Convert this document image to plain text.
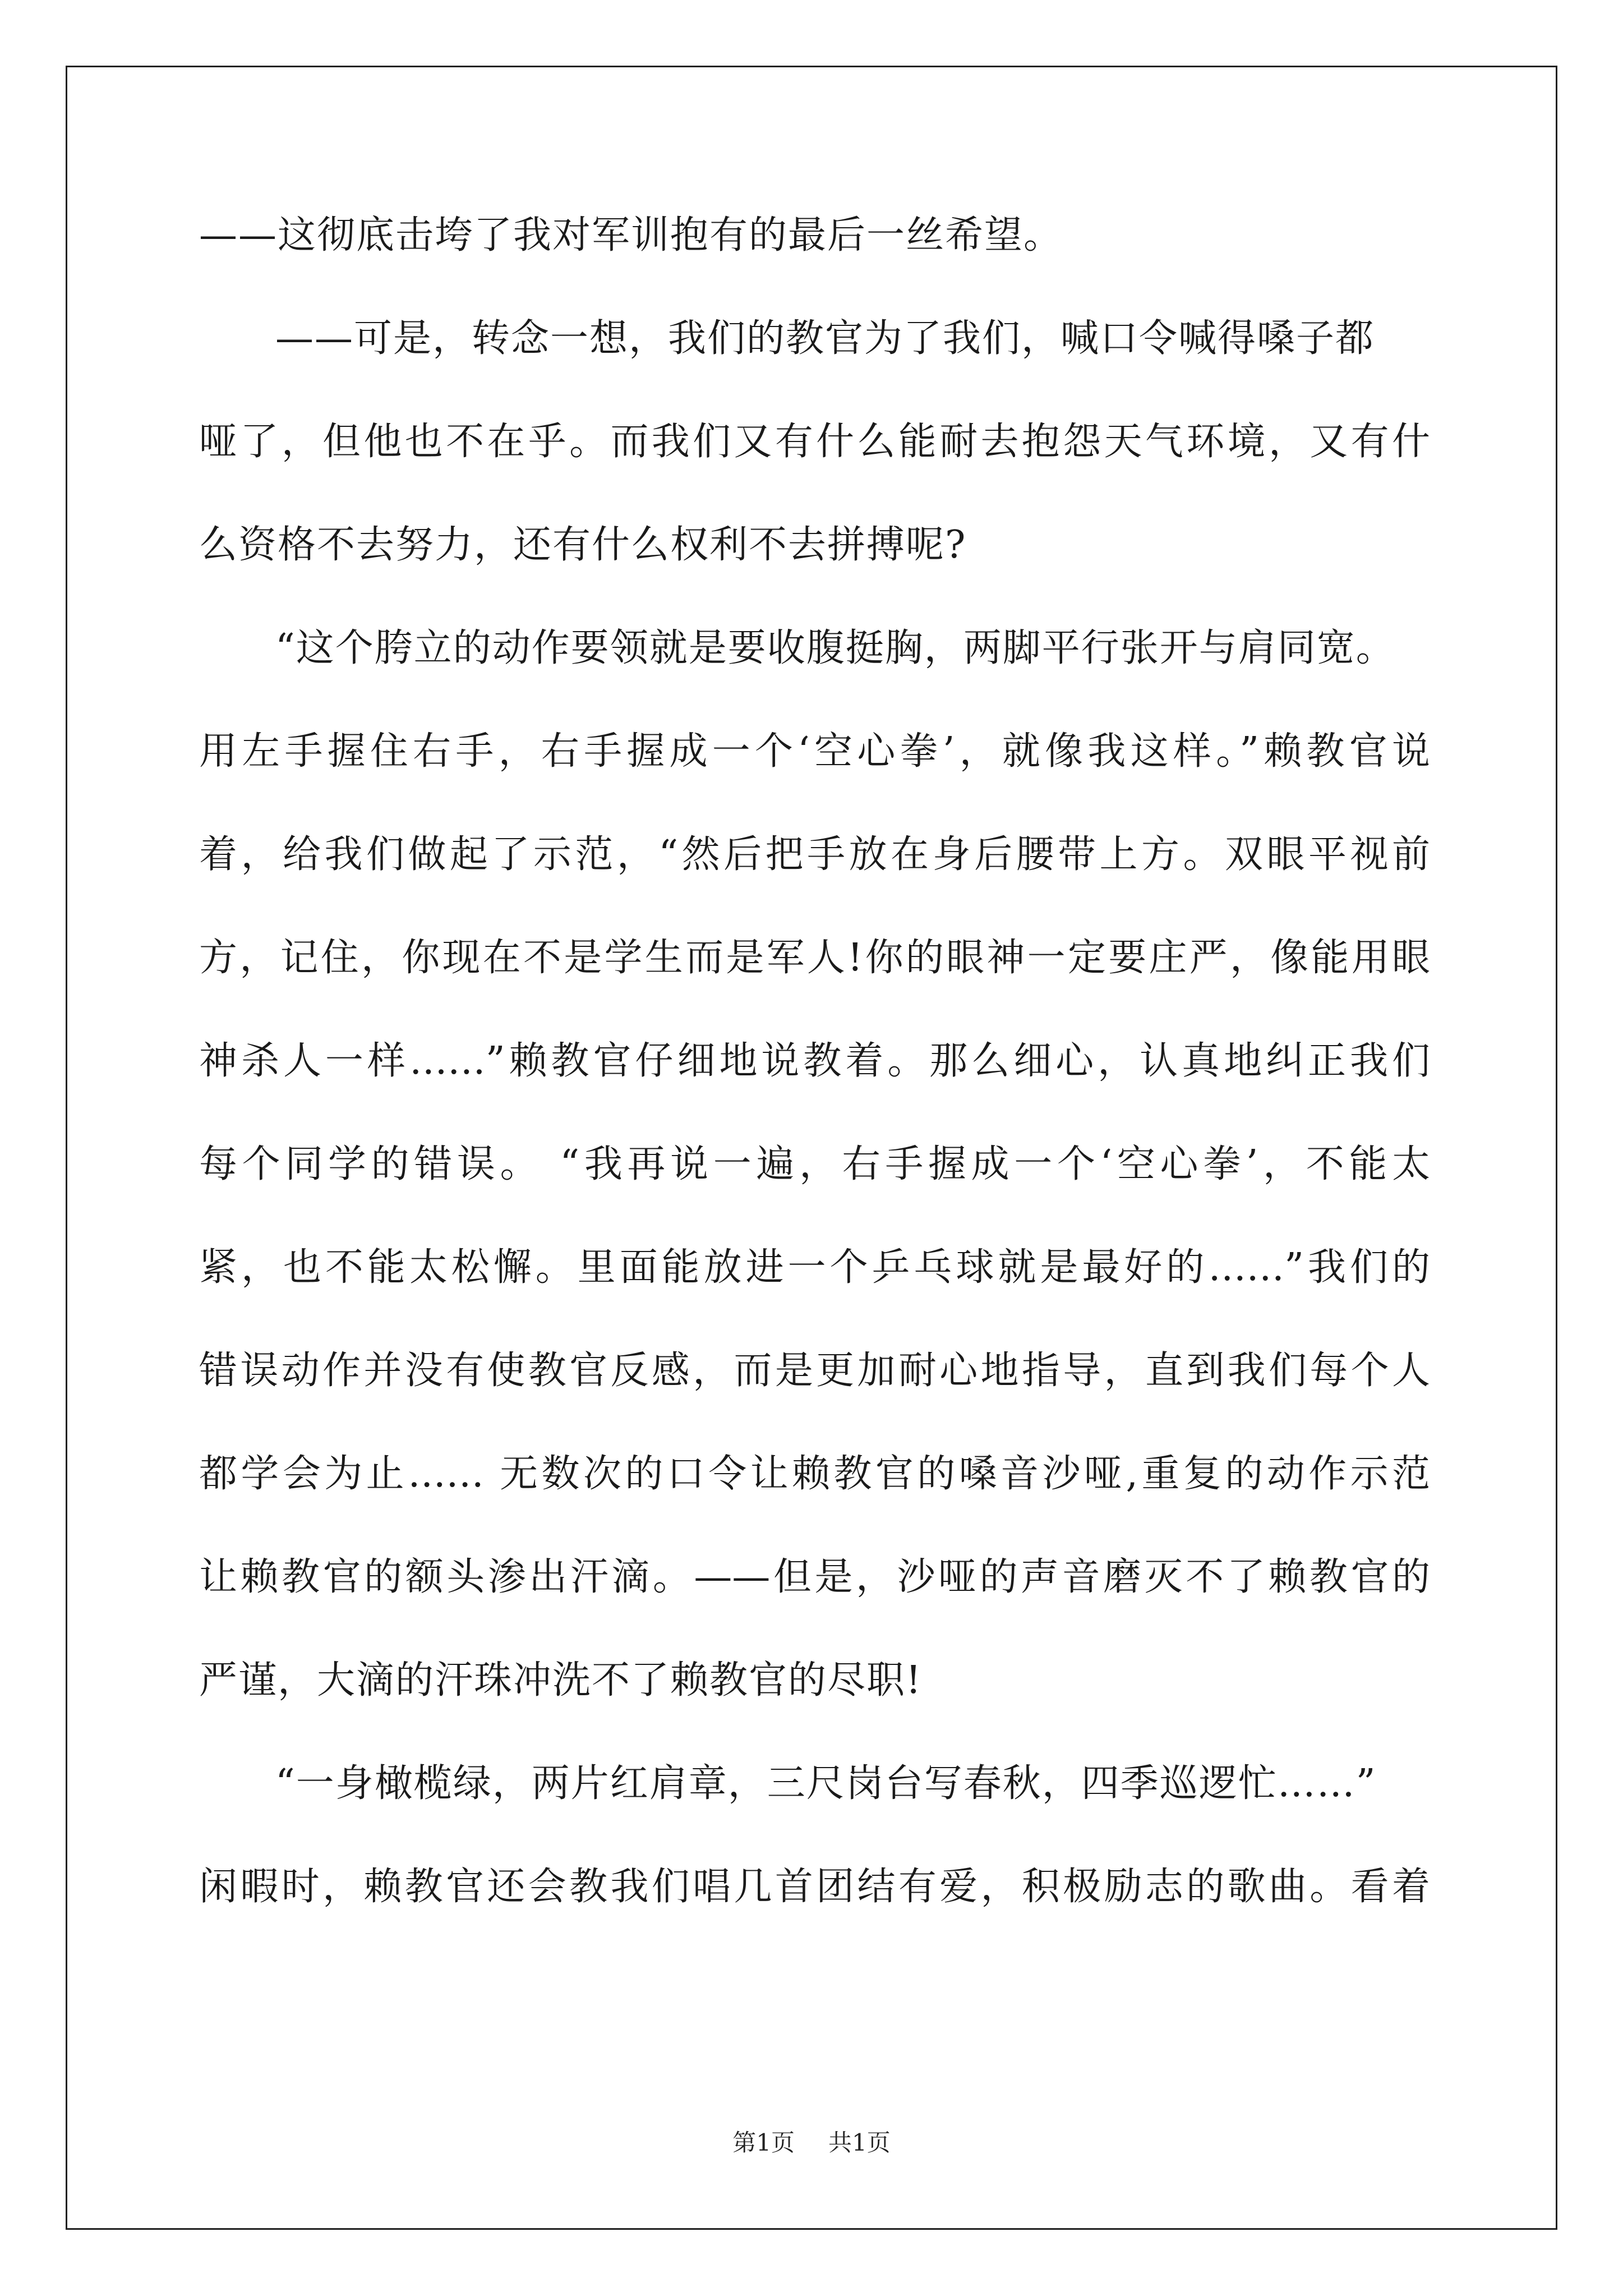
——这彻底击垮了我对军训抱有的最后一丝希望。
——可是，转念一想，我们的教官为了我们，喊口令喊得嗓子都
哑了，但他也不在乎。而我们又有什么能耐去抱怨天气环境，又有什
么资格不去努力，还有什么权利不去拼搏呢?
“这个胯立的动作要领就是要收腹挺胸，两脚平行张开与肩同宽。
用左手握住右手，右手握成一个‘空心拳’，就像我这样。”赖教官说
着，给我们做起了示范，“然后把手放在身后腰带上方。双眼平视前
方，记住，你现在不是学生而是军人!你的眼神一定要庄严，像能用眼
神杀人一样……”赖教官仔细地说教着。那么细心，认真地纠正我们
每个同学的错误。 “我再说一遍，右手握成一个‘空心拳’，不能太
紧，也不能太松懈。里面能放进一个乒乓球就是最好的……”我们的
错误动作并没有使教官反感，而是更加耐心地指导，直到我们每个人
都学会为止…… 无数次的口令让赖教官的嗓音沙哑,重复的动作示范
让赖教官的额头渗出汗滴。——但是，沙哑的声音磨灭不了赖教官的
严谨，大滴的汗珠冲洗不了赖教官的尽职!
“一身橄榄绿，两片红肩章，三尺岗台写春秋，四季巡逻忙……”
闲暇时，赖教官还会教我们唱几首团结有爱，积极励志的歌曲。看着
第1页 共1页
